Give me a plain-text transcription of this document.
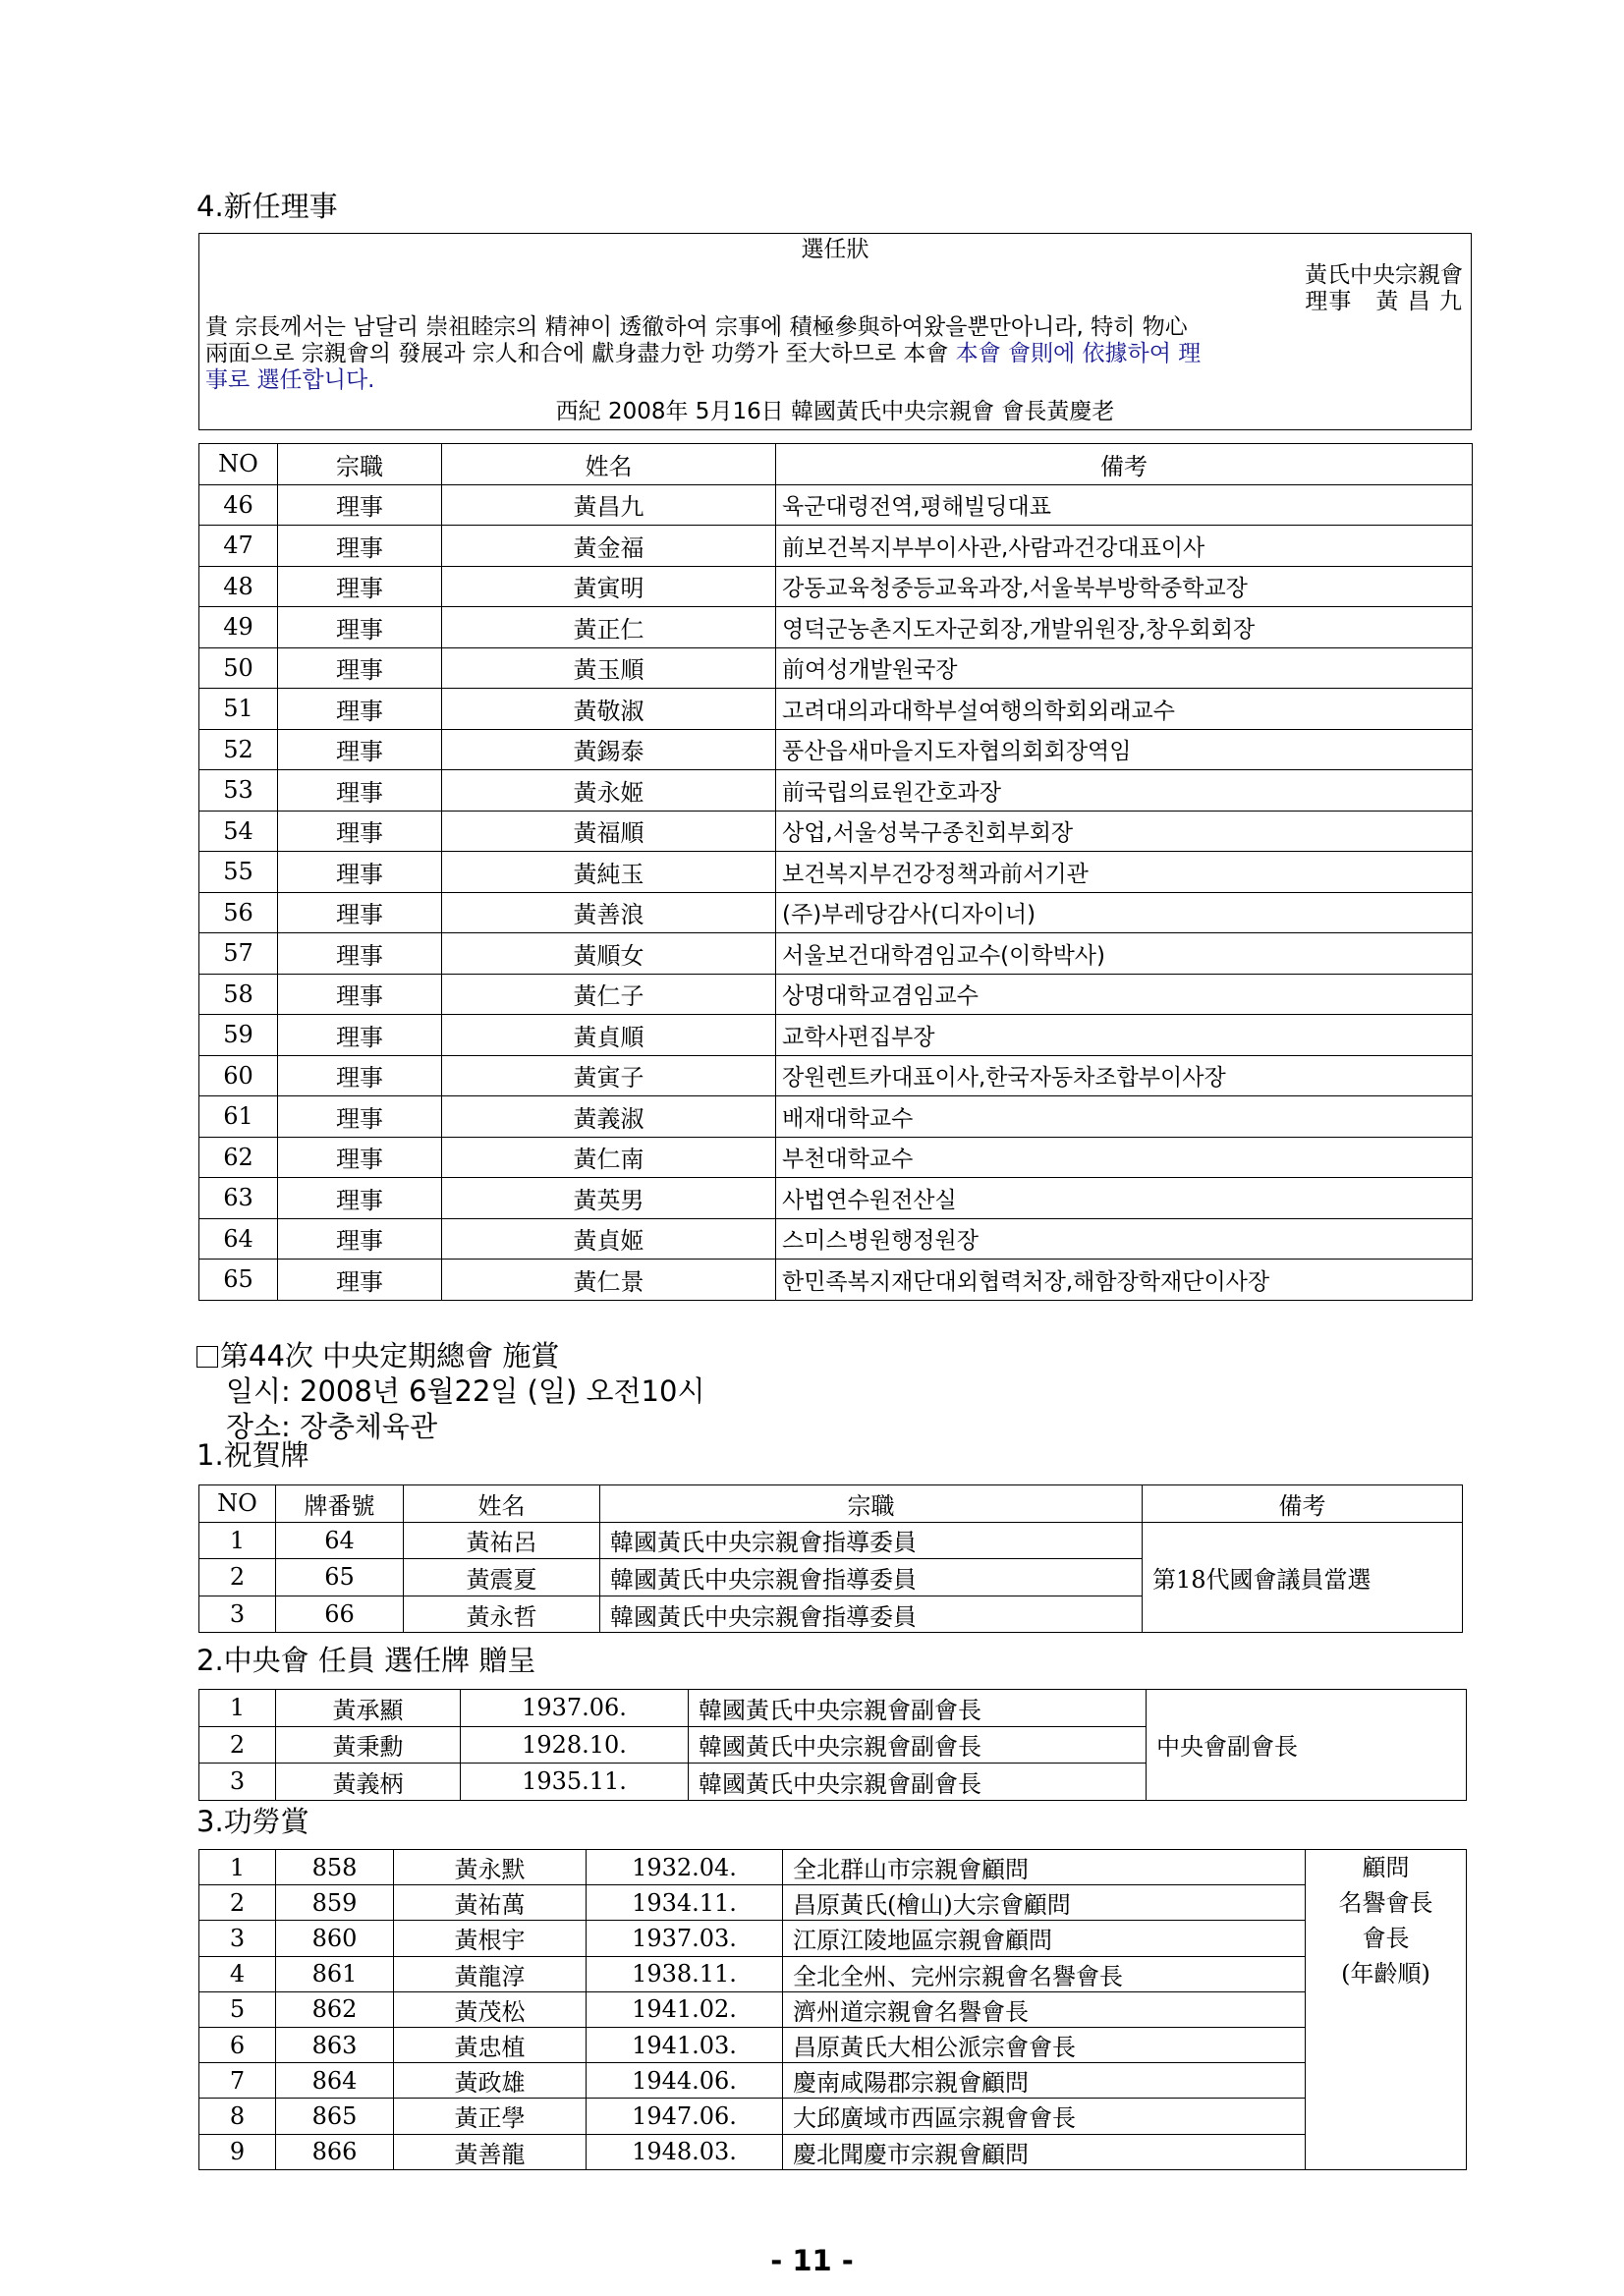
4.新任理事
選任狀
黃氏中央宗親會
理事　黃 昌 九
貴 宗長께서는 남달리 崇祖睦宗의 精神이 透徹하여 宗事에 積極參與하여왔을뿐만아니라, 特히 物心
兩面으로 宗親會의 發展과 宗人和合에 獻身盡力한 功勞가 至大하므로 本會 本會 會則에 依據하여 理
事로 選任합니다.
西紀 2008年 5月16日 韓國黃氏中央宗親會 會長黃慶老
NO	宗職	姓名	備考
46	理事	黃昌九	육군대령전역,평해빌딩대표
47	理事	黃金福	前보건복지부부이사관,사람과건강대표이사
48	理事	黃寅明	강동교육청중등교육과장,서울북부방학중학교장
49	理事	黃正仁	영덕군농촌지도자군회장,개발위원장,창우회회장
50	理事	黃玉順	前여성개발원국장
51	理事	黃敬淑	고려대의과대학부설여행의학회외래교수
52	理事	黃錫泰	풍산읍새마을지도자협의회회장역임
53	理事	黃永姬	前국립의료원간호과장
54	理事	黃福順	상업,서울성북구종친회부회장
55	理事	黃純玉	보건복지부건강정책과前서기관
56	理事	黃善浪	(주)부레당감사(디자이너)
57	理事	黃順女	서울보건대학겸임교수(이학박사)
58	理事	黃仁子	상명대학교겸임교수
59	理事	黃貞順	교학사편집부장
60	理事	黃寅子	장원렌트카대표이사,한국자동차조합부이사장
61	理事	黃義淑	배재대학교수
62	理事	黃仁南	부천대학교수
63	理事	黃英男	사법연수원전산실
64	理事	黃貞姬	스미스병원행정원장
65	理事	黃仁景	한민족복지재단대외협력처장,해함장학재단이사장
第44次 中央定期總會 施賞
일시: 2008년 6월22일 (일) 오전10시
장소: 장충체육관
1.祝賀牌
NO	牌番號	姓名	宗職	備考
1	64	黃祐呂	韓國黃氏中央宗親會指導委員	第18代國會議員當選
2	65	黃震夏	韓國黃氏中央宗親會指導委員	
3	66	黃永哲	韓國黃氏中央宗親會指導委員	
2.中央會 任員 選任牌 贈呈
1	黃承顯	1937.06.	韓國黃氏中央宗親會副會長	中央會副會長
2	黃秉勳	1928.10.	韓國黃氏中央宗親會副會長	
3	黃義柄	1935.11.	韓國黃氏中央宗親會副會長	
3.功勞賞
1	858	黃永默	1932.04.	全北群山市宗親會顧問	顧問
名譽會長
會長
(年齡順)

2	859	黃祐萬	1934.11.	昌原黃氏(檜山)大宗會顧問	
3	860	黃根宇	1937.03.	江原江陵地區宗親會顧問	
4	861	黃龍淳	1938.11.	全北全州、完州宗親會名譽會長	
5	862	黃茂松	1941.02.	濟州道宗親會名譽會長	
6	863	黃忠植	1941.03.	昌原黃氏大相公派宗會會長	
7	864	黃政雄	1944.06.	慶南咸陽郡宗親會顧問	
8	865	黃正學	1947.06.	大邱廣域市西區宗親會會長	
9	866	黃善龍	1948.03.	慶北聞慶市宗親會顧問	
- 11 -
